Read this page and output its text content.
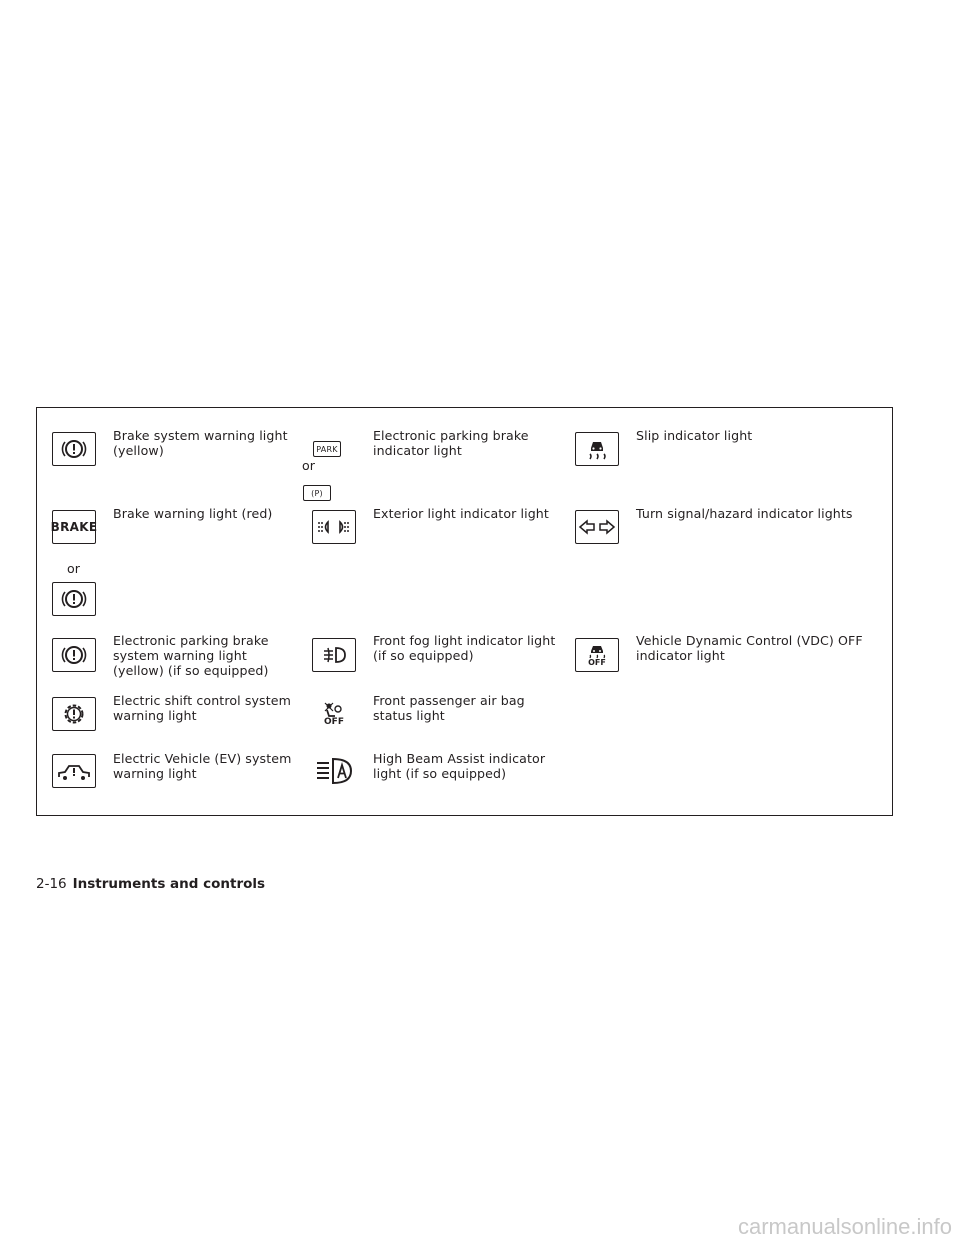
Brake system warning light
(yellow)
BRAKE
Brake warning light (red)
or
Electronic parking brake
system warning light
(yellow) (if so equipped)
Electric shift control system
warning light
Electric Vehicle (EV) system
warning light
PARK
or
(P)
Electronic parking brake
indicator light
Exterior light indicator light
Front fog light indicator light
(if so equipped)
OFF
Front passenger air bag
status light
High Beam Assist indicator
light (if so equipped)
Slip indicator light
Turn signal/hazard indicator lights
OFF
Vehicle Dynamic Control (VDC) OFF
indicator light
2-16 Instruments and controls
carmanualsonline.info
